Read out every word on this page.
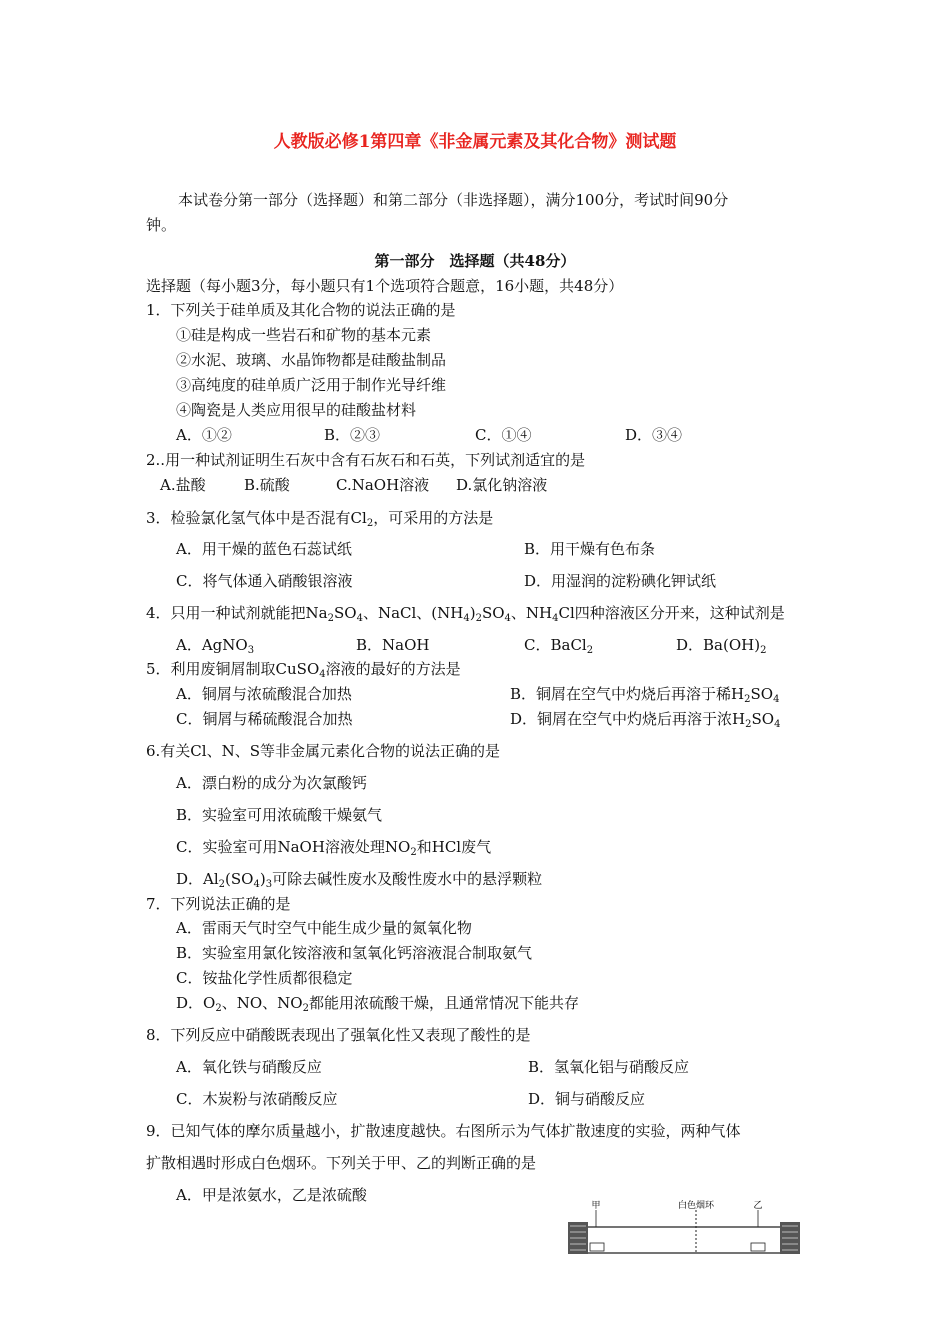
人教版必修1第四章《非金属元素及其化合物》测试题
本试卷分第一部分（选择题）和第二部分（非选择题），满分100分，考试时间90分
钟。
第一部分　选择题（共48分）
选择题（每小题3分，每小题只有1个选项符合题意，16小题，共48分）
1．下列关于硅单质及其化合物的说法正确的是
①硅是构成一些岩石和矿物的基本元素
②水泥、玻璃、水晶饰物都是硅酸盐制品
③高纯度的硅单质广泛用于制作光导纤维
④陶瓷是人类应用很早的硅酸盐材料
A．①②	B．②③	C．①④	D．③④
2..用一种试剂证明生石灰中含有石灰石和石英，下列试剂适宜的是
A.盐酸	B.硫酸	C.NaOH溶液 D.氯化钠溶液
3．检验氯化氢气体中是否混有$Cl_2$，可采用的方法是
A．用干燥的蓝色石蕊试纸	B．用干燥有色布条
C．将气体通入硝酸银溶液	D．用湿润的淀粉碘化钾试纸
4．只用一种试剂就能把$Na_2SO_4$、NaCl、$(NH_4)_2SO_4$、$NH_4Cl$四种溶液区分开来，这种试剂是
A．AgNO$_3$	B．NaOH	C．BaCl$_2$	D．$Ba(OH)_2$
5．利用废铜屑制取CuSO$_4$溶液的最好的方法是
A．铜屑与浓硫酸混合加热	B．铜屑在空气中灼烧后再溶于稀$H_2SO_4$
C．铜屑与稀硫酸混合加热	D．铜屑在空气中灼烧后再溶于浓$H_2SO_4$
6.有关Cl、N、S等非金属元素化合物的说法正确的是
A．漂白粉的成分为次氯酸钙
B．实验室可用浓硫酸干燥氨气
C．实验室可用NaOH溶液处理$NO_2$和HCl废气
D．$Al_2(SO_4)_3$可除去碱性废水及酸性废水中的悬浮颗粒
7．下列说法正确的是
A．雷雨天气时空气中能生成少量的氮氧化物
B．实验室用氯化铵溶液和氢氧化钙溶液混合制取氨气
C．铵盐化学性质都很稳定
D．$O_2$、NO、$NO_2$都能用浓硫酸干燥，且通常情况下能共存
8．下列反应中硝酸既表现出了强氧化性又表现了酸性的是
A．氧化铁与硝酸反应	B．氢氧化铝与硝酸反应
C．木炭粉与浓硝酸反应	D．铜与硝酸反应
9．已知气体的摩尔质量越小，扩散速度越快。右图所示为气体扩散速度的实验，两种气体
扩散相遇时形成白色烟环。下列关于甲、乙的判断正确的是
A．甲是浓氨水，乙是浓硫酸
甲	白色烟环	乙
